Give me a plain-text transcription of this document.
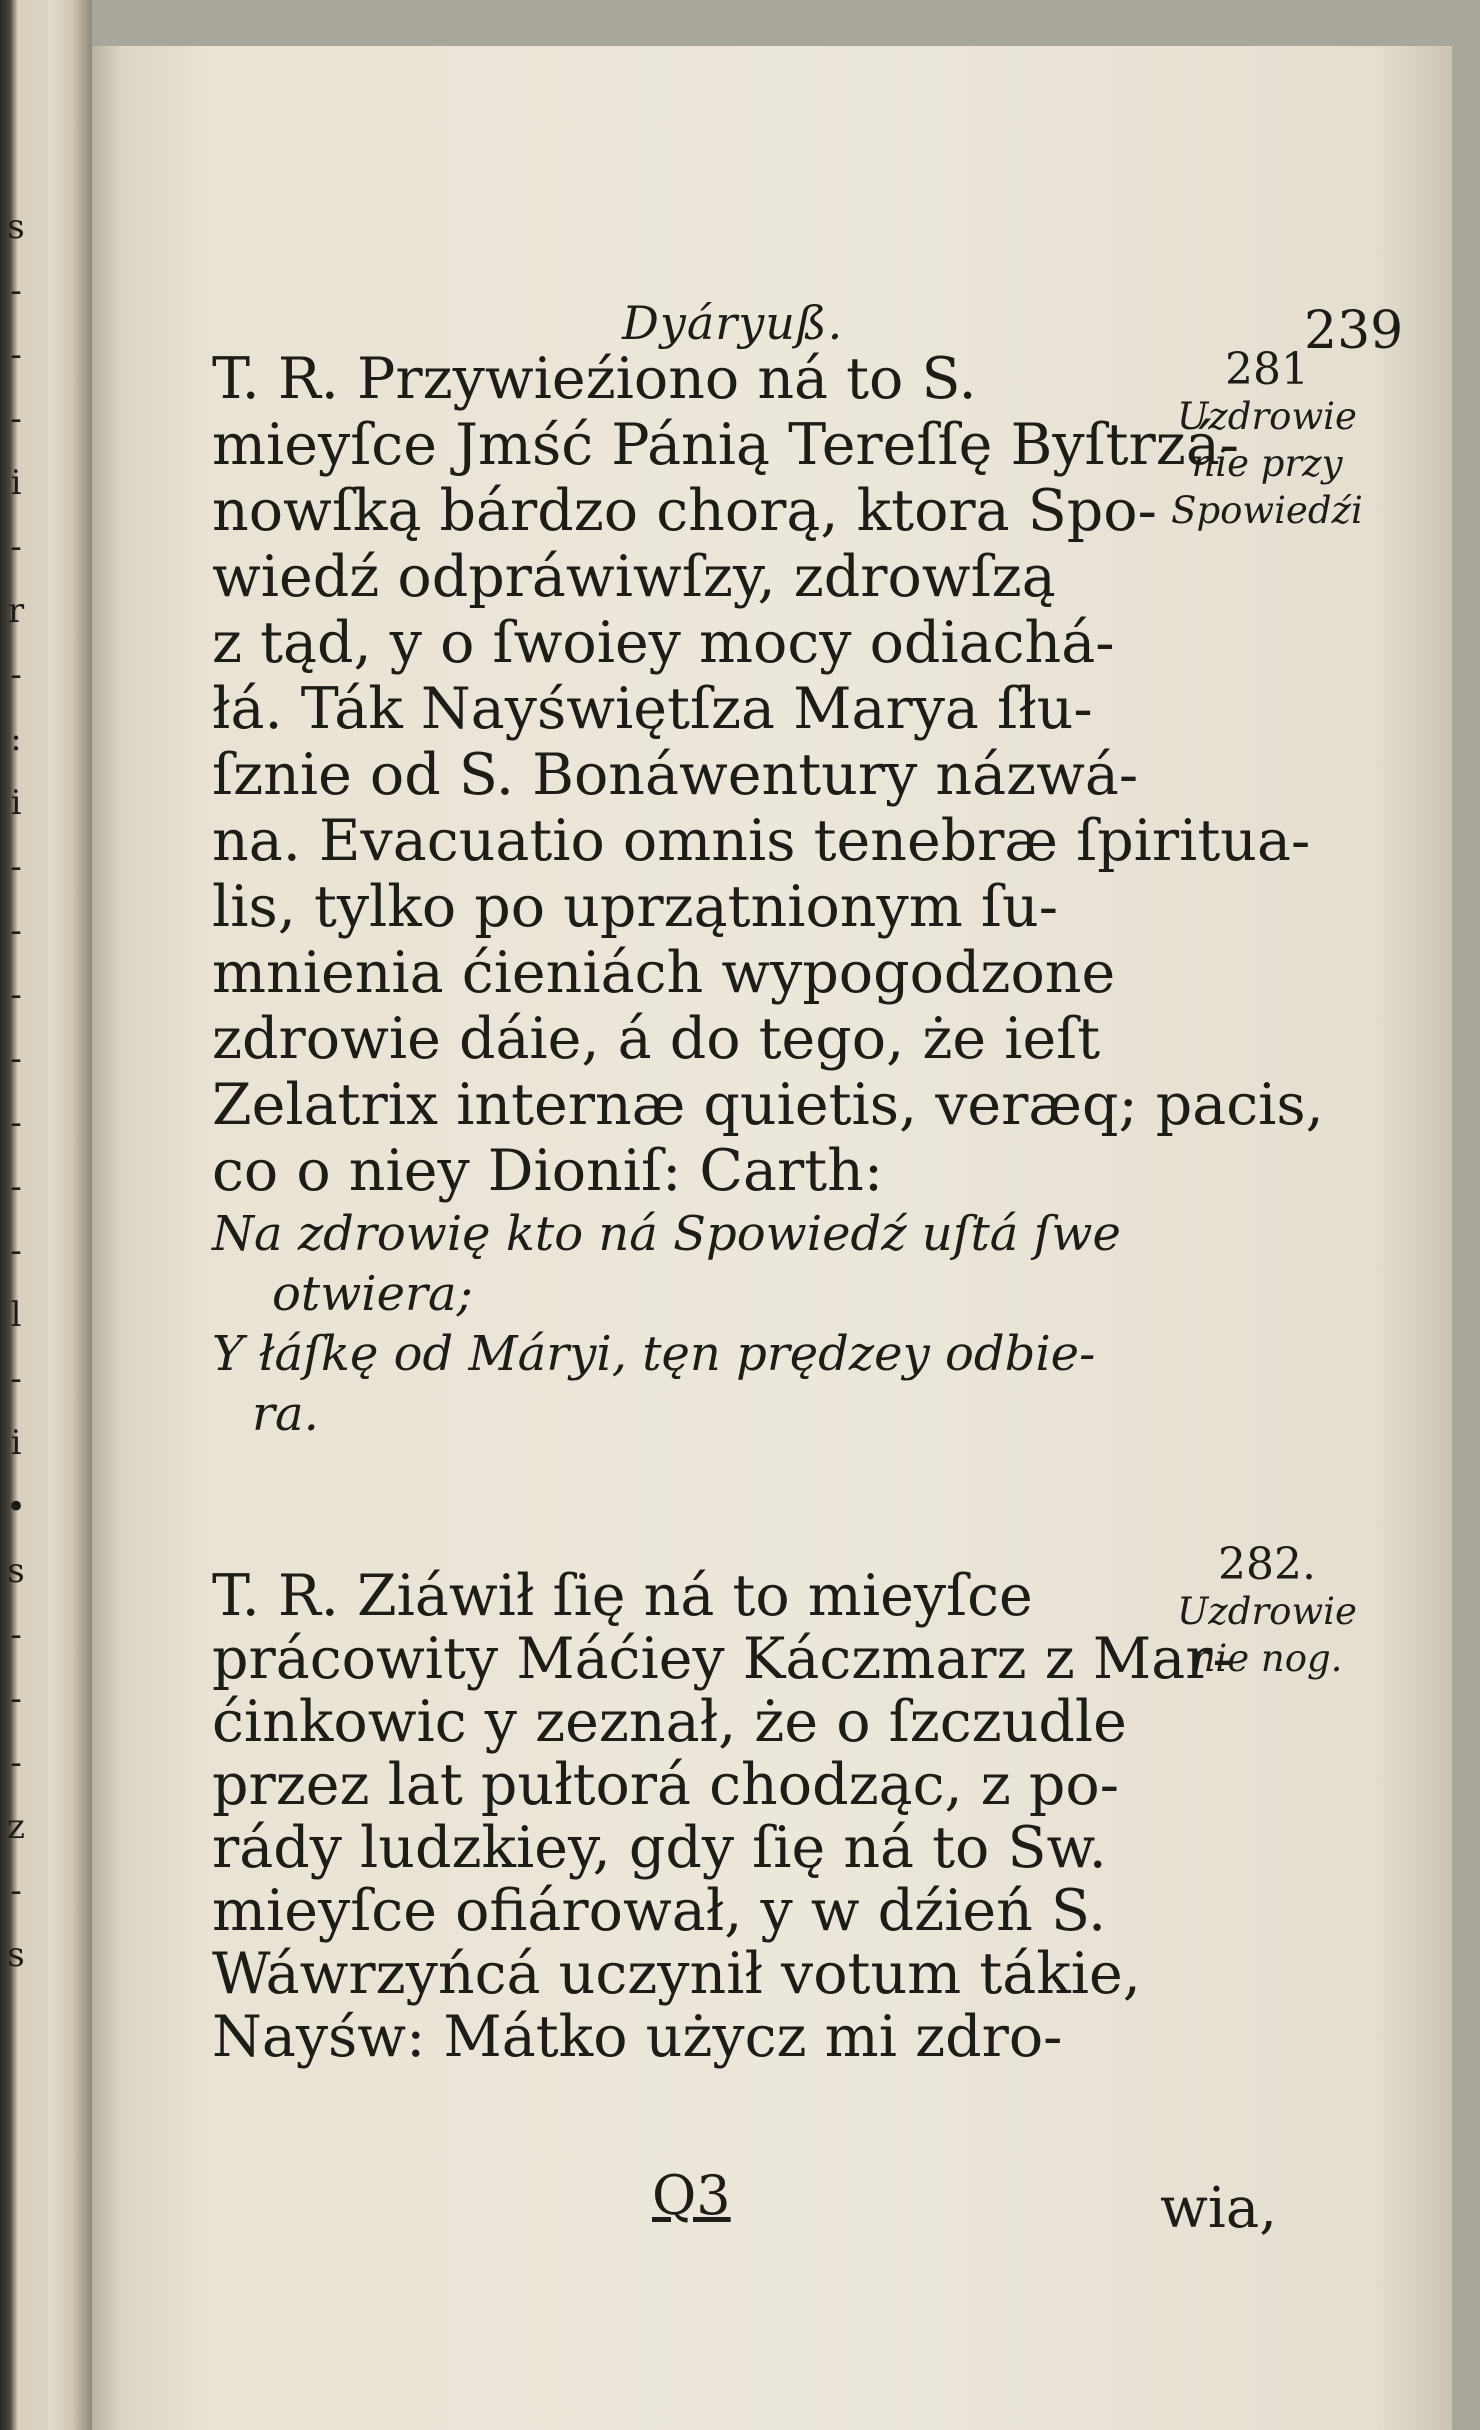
s
-
-
-
i
-
r
-
:
i
-
-
-
-
-
-
-
l
-
i
•
s
-
-
-
z
-
s
Dyáryuß.	239
T. R. Przywieźiono ná to S.
mieyſce Jmść Pánią Tereſſę Byſtrzá-
nowſką bárdzo chorą, ktora Spo-
wiedź odpráwiwſzy, zdrowſzą
z tąd, y o ſwoiey mocy odiachá-
łá. Ták Nayświętſza Marya ſłu-
ſznie od S. Bonáwentury názwá-
na. Evacuatio omnis tenebræ ſpiritua-
lis, tylko po uprzątnionym ſu-
mnienia ćieniách wypogodzone
zdrowie dáie, á do tego, że ieſt
Zelatrix internæ quietis, veræq; pacis,
co o niey Dioniſ: Carth:
Na zdrowię kto ná Spowiedź uſtá ſwe
otwiera;
Y łáſkę od Máryi, tęn prędzey odbie-
ra.
T. R. Ziáwił ſię ná to mieyſce
prácowity Máćiey Káczmarz z Mar-
ćinkowic y zeznał, że o ſzczudle
przez lat pułtorá chodząc, z po-
rády ludzkiey, gdy ſię ná to Sw.
mieyſce ofiárował, y w dźień S.
Wáwrzyńcá uczynił votum tákie,
Nayśw: Mátko użycz mi zdro-
281
Uzdrowie
nie przy
Spowiedźi
282.
Uzdrowie
nie nog.
Q3	wia,
